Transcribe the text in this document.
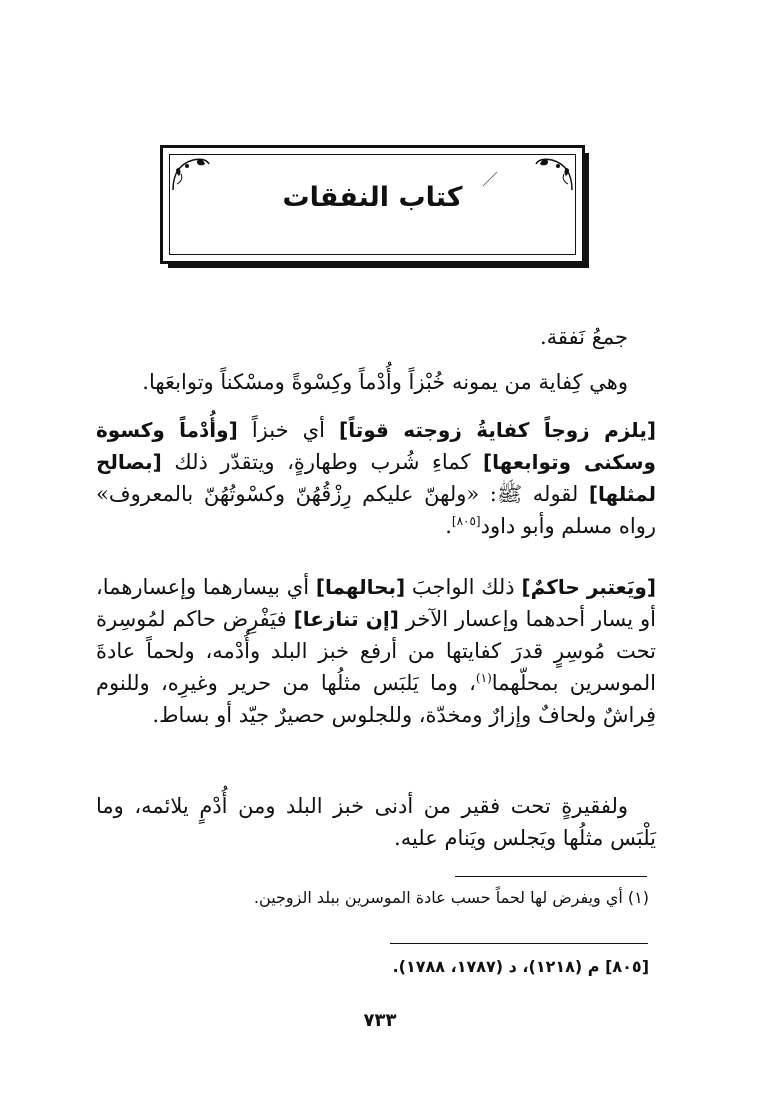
كتاب النفقات

جمعُ نَفقة.

وهي كِفاية من يمونه خُبْزاً وأُدْماً وكِسْوةً ومسْكناً وتوابعَها.

[يلزم زوجاً كفايةُ زوجته قوتاً] أي خبزاً [وأُدْماً وكسوة وسكنى وتوابعها] كماءِ شُرب وطهارةٍ، ويتقدّر ذلك [بصالح لمثلها] لقوله ﷺ: «ولهنّ عليكم رِزْقُهُنّ وكسْوتُهُنّ بالمعروف» رواه مسلم وأبو داود[٨٠٥].

[ويَعتبر حاكمٌ] ذلك الواجبَ [بحالهما] أي بيسارهما وإعسارهما، أو يسار أحدهما وإعسار الآخر [إن تنازعا] فيَفْرِض حاكم لمُوسِرة تحت مُوسِرٍ قدرَ كفايتها من أرفع خبز البلد وأُدْمه، ولحماً عادةَ الموسرين بمحلّهما$^{(١)}$، وما يَلبَس مثلُها من حرير وغيرِه، وللنوم فِراشٌ ولحافٌ وإزارٌ ومخدّة، وللجلوس حصيرٌ جيّد أو بساط.

ولفقيرةٍ تحت فقير من أدنى خبز البلد ومن أُدْمٍ يلائمه، وما يَلْبَس مثلُها ويَجلس ويَنام عليه.

(١) أي ويفرض لها لحماً حسب عادة الموسرين ببلد الزوجين.
[٨٠٥] م (١٢١٨)، د (١٧٨٧، ١٧٨٨).
٧٣٣
